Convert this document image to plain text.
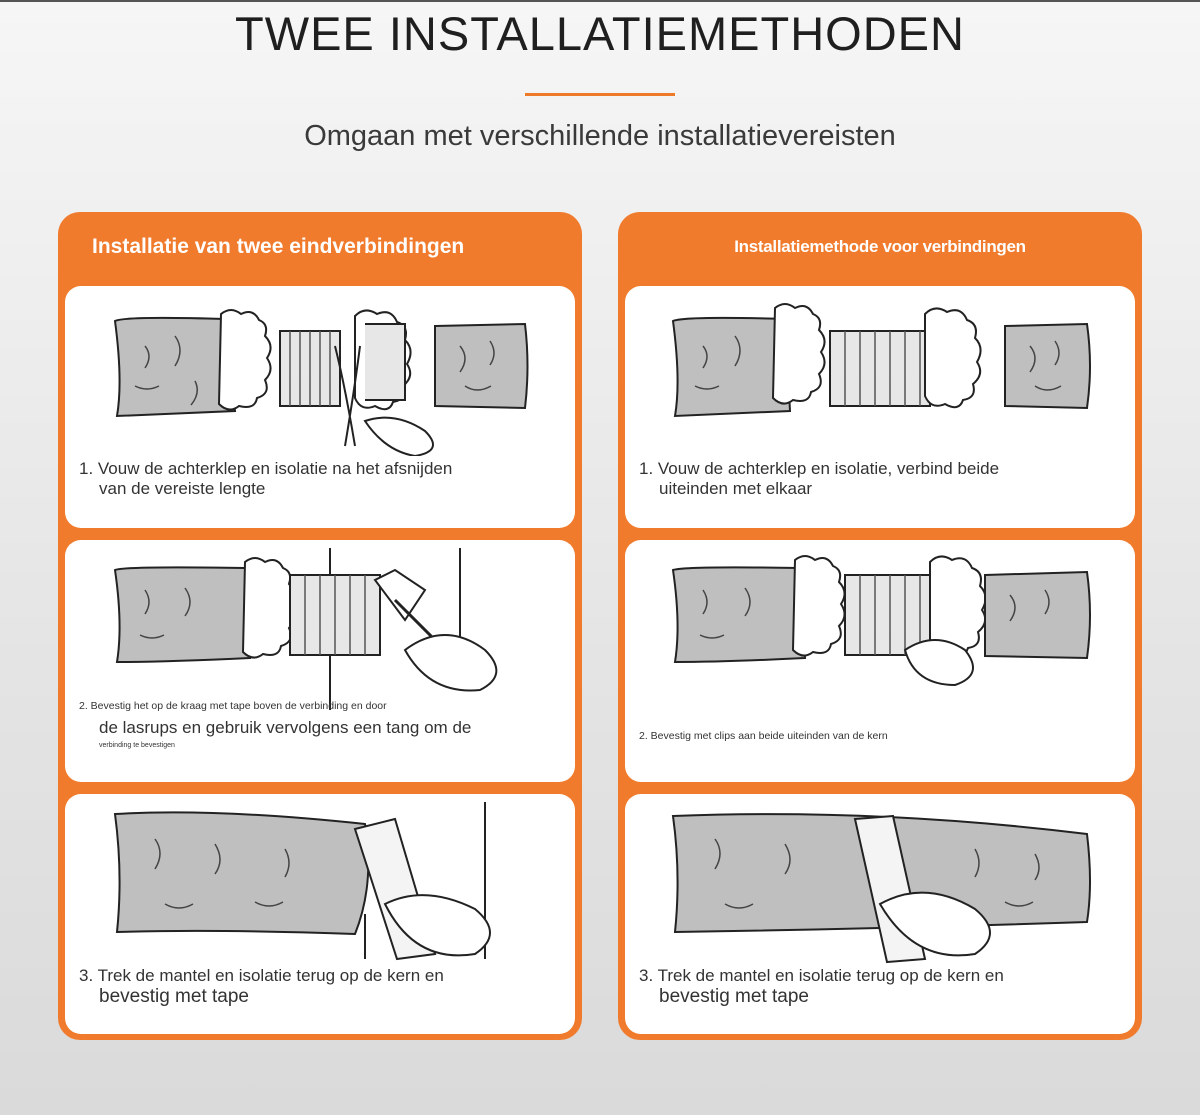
TWEE INSTALLATIEMETHODEN
Omgaan met verschillende installatievereisten
Installatie van twee eindverbindingen
1. Vouw de achterklep en isolatie na het afsnijden
van de vereiste lengte
2. Bevestig het op de kraag met tape boven de verbinding en door
de lasrups en gebruik vervolgens een tang om de
verbinding te bevestigen
3. Trek de mantel en isolatie terug op de kern en
bevestig met tape
Installatiemethode voor verbindingen
1. Vouw de achterklep en isolatie, verbind beide
uiteinden met elkaar
2. Bevestig met clips aan beide uiteinden van de kern
3. Trek de mantel en isolatie terug op de kern en
bevestig met tape
